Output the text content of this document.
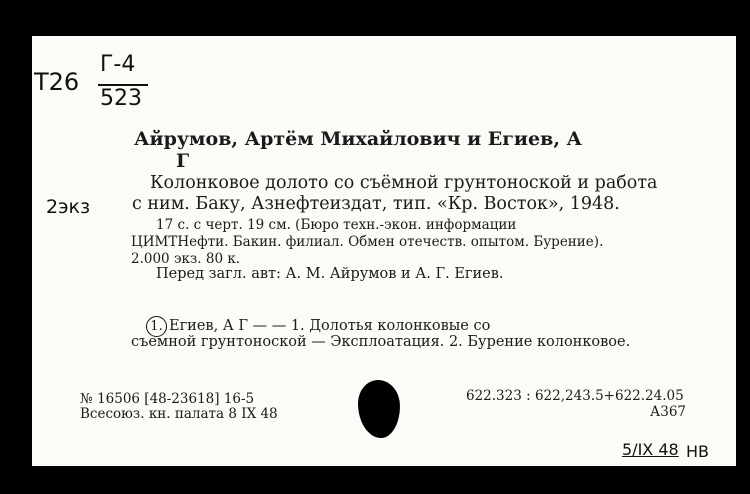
T26
Г-4
523
2экз
Айрумов, Артём Михайлович и Егиев, А
Г
Колонковое долото со съёмной грунтоноской и работа
с ним. Баку, Азнефтеиздат, тип. «Кр. Восток», 1948.
17 с. с черт. 19 см. (Бюро техн.-экон. информации
ЦИМТНефти. Бакин. филиал. Обмен отечеств. опытом. Бурение).
2.000 экз. 80 к.
Перед загл. авт: А. М. Айрумов и А. Г. Егиев.
1. Егиев, А Г — — 1. Долотья колонковые со
съемной грунтоноской — Эксплоатация. 2. Бурение колонковое.
№ 16506 [48-23618] 16-5
Всесоюз. кн. палата 8 IX 48
622.323 : 622,243.5+622.24.05
А367
5/IX 48 НВ
